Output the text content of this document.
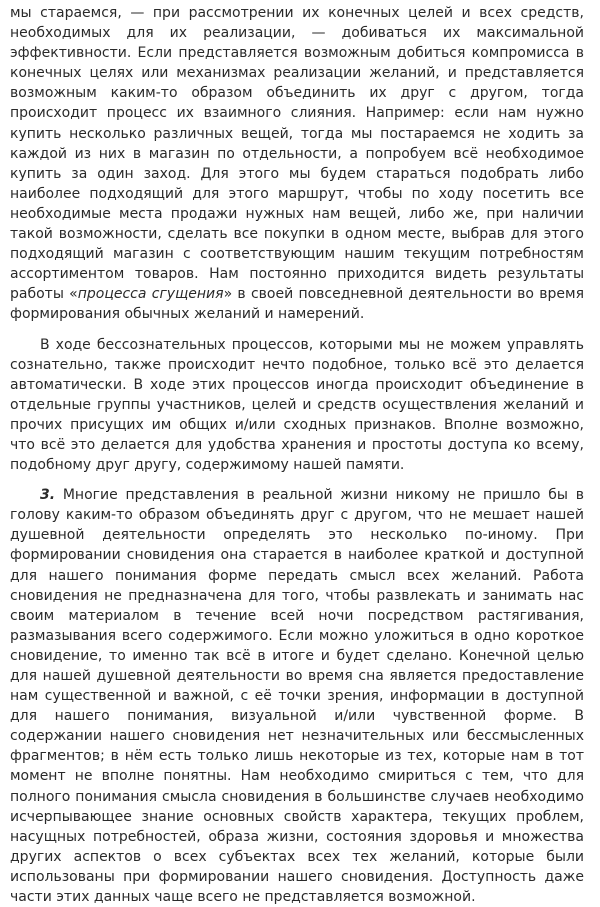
мы стараемся, — при рассмотрении их конечных целей и всех средств, необходимых для их реализации, — добиваться их максимальной эффективности. Если представляется возможным добиться компромисса в конечных целях или механизмах реализации желаний, и представляется возможным каким-то образом объединить их друг с другом, тогда происходит процесс их взаимного слияния. Например: если нам нужно купить несколько различных вещей, тогда мы постараемся не ходить за каждой из них в магазин по отдельности, а попробуем всё необходимое купить за один заход. Для этого мы будем стараться подобрать либо наиболее подходящий для этого маршрут, чтобы по ходу посетить все необходимые места продажи нужных нам вещей, либо же, при наличии такой возможности, сделать все покупки в одном месте, выбрав для этого подходящий магазин с соответствующим нашим текущим потребностям ассортиментом товаров. Нам постоянно приходится видеть результаты работы «процесса сгущения» в своей повседневной деятельности во время формирования обычных желаний и намерений.

В ходе бессознательных процессов, которыми мы не можем управлять сознательно, также происходит нечто подобное, только всё это делается автоматически. В ходе этих процессов иногда происходит объединение в отдельные группы участников, целей и средств осуществления желаний и прочих присущих им общих и/или сходных признаков. Вполне возможно, что всё это делается для удобства хранения и простоты доступа ко всему, подобному друг другу, содержимому нашей памяти.

3. Многие представления в реальной жизни никому не пришло бы в голову каким-то образом объединять друг с другом, что не мешает нашей душевной деятельности определять это несколько по-иному. При формировании сновидения она старается в наиболее краткой и доступной для нашего понимания форме передать смысл всех желаний. Работа сновидения не предназначена для того, чтобы развлекать и занимать нас своим материалом в течение всей ночи посредством растягивания, размазывания всего содержимого. Если можно уложиться в одно короткое сновидение, то именно так всё в итоге и будет сделано. Конечной целью для нашей душевной деятельности во время сна является предоставление нам существенной и важной, с её точки зрения, информации в доступной для нашего понимания, визуальной и/или чувственной форме. В содержании нашего сновидения нет незначительных или бессмысленных фрагментов; в нём есть только лишь некоторые из тех, которые нам в тот момент не вполне понятны. Нам необходимо смириться с тем, что для полного понимания смысла сновидения в большинстве случаев необходимо исчерпывающее знание основных свойств характера, текущих проблем, насущных потребностей, образа жизни, состояния здоровья и множества других аспектов о всех субъектах всех тех желаний, которые были использованы при формировании нашего сновидения. Доступность даже части этих данных чаще всего не представляется возможной.
